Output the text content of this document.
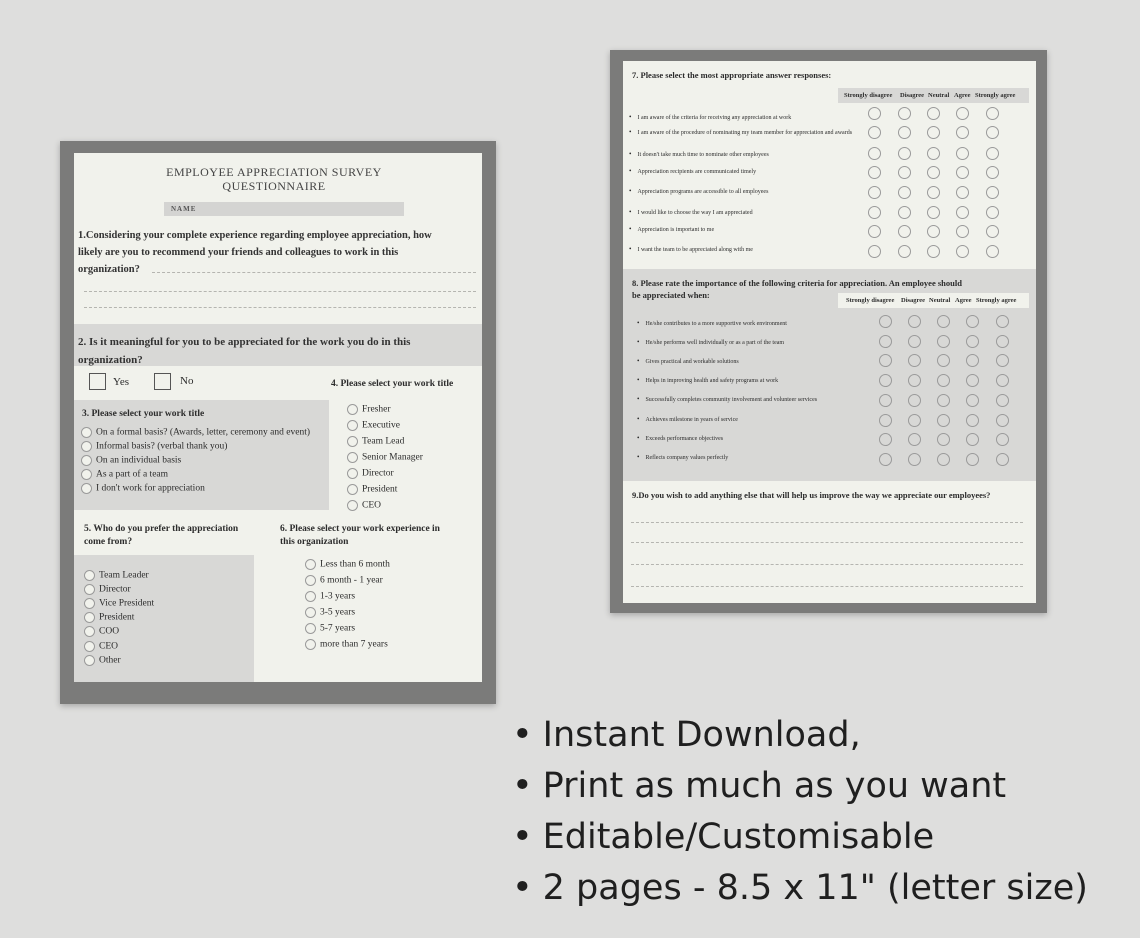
EMPLOYEE APPRECIATION SURVEY
QUESTIONNAIRE
NAME
1.Considering your complete experience regarding employee appreciation, how
likely are you to recommend your friends and colleagues to work in this
organization?
2. Is it meaningful for you to be appreciated for the work you do in this
organization?
Yes	No	4. Please select your work title
Fresher
Executive
Team Lead
Senior Manager
Director
President
CEO
3. Please select your work title
On a formal basis? (Awards, letter, ceremony and event)
Informal basis? (verbal thank you)
On an individual basis
As a part of a team
I don't work for appreciation
5. Who do you prefer the appreciation
come from?
Team Leader
Director
Vice President
President
COO
CEO
Other
6. Please select your work experience in
this organization
Less than 6 month
6 month - 1 year
1-3 years
3-5 years
5-7 years
more than 7 years
7. Please select the most appropriate answer responses:
Strongly disagree Disagree Neutral Agree Strongly agree
• I am aware of the criteria for receiving any appreciation at work
• I am aware of the procedure of nominating my team member for appreciation and awards
• It doesn't take much time to nominate other employees
• Appreciation recipients are communicated timely
• Appreciation programs are accessible to all employees
• I would like to choose the way I am appreciated
• Appreciation is important to me
• I want the team to be appreciated along with me
8. Please rate the importance of the following criteria for appreciation. An employee should
be appreciated when:
Strongly disagree Disagree Neutral Agree Strongly agree
• He/she contributes to a more supportive work environment
• He/she performs well individually or as a part of the team
• Gives practical and workable solutions
• Helps in improving health and safety programs at work
• Successfully completes community involvement and volunteer services
• Achieves milestone in years of service
• Exceeds performance objectives
• Reflects company values perfectly
9.Do you wish to add anything else that will help us improve the way we appreciate our employees?
• Instant Download,
• Print as much as you want
• Editable/Customisable
• 2 pages - 8.5 x 11" (letter size)
